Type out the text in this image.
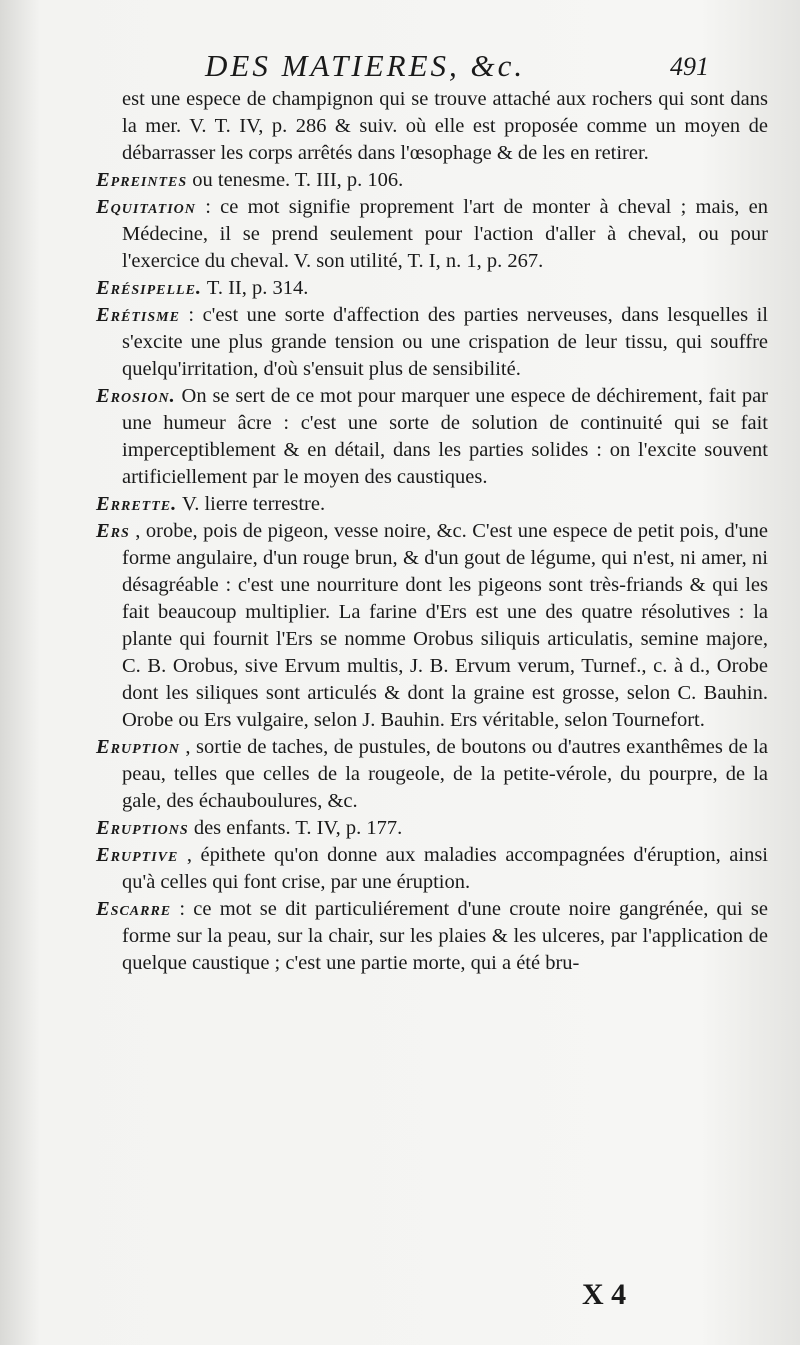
DES MATIERES, &c.	491

est une espece de champignon qui se trouve attaché aux rochers qui sont dans la mer. V. T. IV, p. 286 & suiv. où elle est proposée comme un moyen de débarrasser les corps arrêtés dans l'œsophage & de les en retirer.

Epreintes ou tenesme. T. III, p. 106.

Equitation : ce mot signifie proprement l'art de monter à cheval ; mais, en Médecine, il se prend seulement pour l'action d'aller à cheval, ou pour l'exercice du cheval. V. son utilité, T. I, n. 1, p. 267.

Erésipelle. T. II, p. 314.

Erétisme : c'est une sorte d'affection des parties nerveuses, dans lesquelles il s'excite une plus grande tension ou une crispation de leur tissu, qui souffre quelqu'irritation, d'où s'ensuit plus de sensibilité.

Erosion. On se sert de ce mot pour marquer une espece de déchirement, fait par une humeur âcre : c'est une sorte de solution de continuité qui se fait imperceptiblement & en détail, dans les parties solides : on l'excite souvent artificiellement par le moyen des caustiques.

Errette. V. lierre terrestre.

Ers , orobe, pois de pigeon, vesse noire, &c. C'est une espece de petit pois, d'une forme angulaire, d'un rouge brun, & d'un gout de légume, qui n'est, ni amer, ni désagréable : c'est une nourriture dont les pigeons sont très-friands & qui les fait beaucoup multiplier. La farine d'Ers est une des quatre résolutives : la plante qui fournit l'Ers se nomme Orobus siliquis articulatis, semine majore, C. B. Orobus, sive Ervum multis, J. B. Ervum verum, Turnef., c. à d., Orobe dont les siliques sont articulés & dont la graine est grosse, selon C. Bauhin. Orobe ou Ers vulgaire, selon J. Bauhin. Ers véritable, selon Tournefort.

Eruption , sortie de taches, de pustules, de boutons ou d'autres exanthêmes de la peau, telles que celles de la rougeole, de la petite-vérole, du pourpre, de la gale, des échauboulures, &c.

Eruptions des enfants. T. IV, p. 177.

Eruptive , épithete qu'on donne aux maladies accompagnées d'éruption, ainsi qu'à celles qui font crise, par une éruption.

Escarre : ce mot se dit particuliérement d'une croute noire gangrénée, qui se forme sur la peau, sur la chair, sur les plaies & les ulceres, par l'application de quelque caustique ; c'est une partie morte, qui a été bru-

X 4
